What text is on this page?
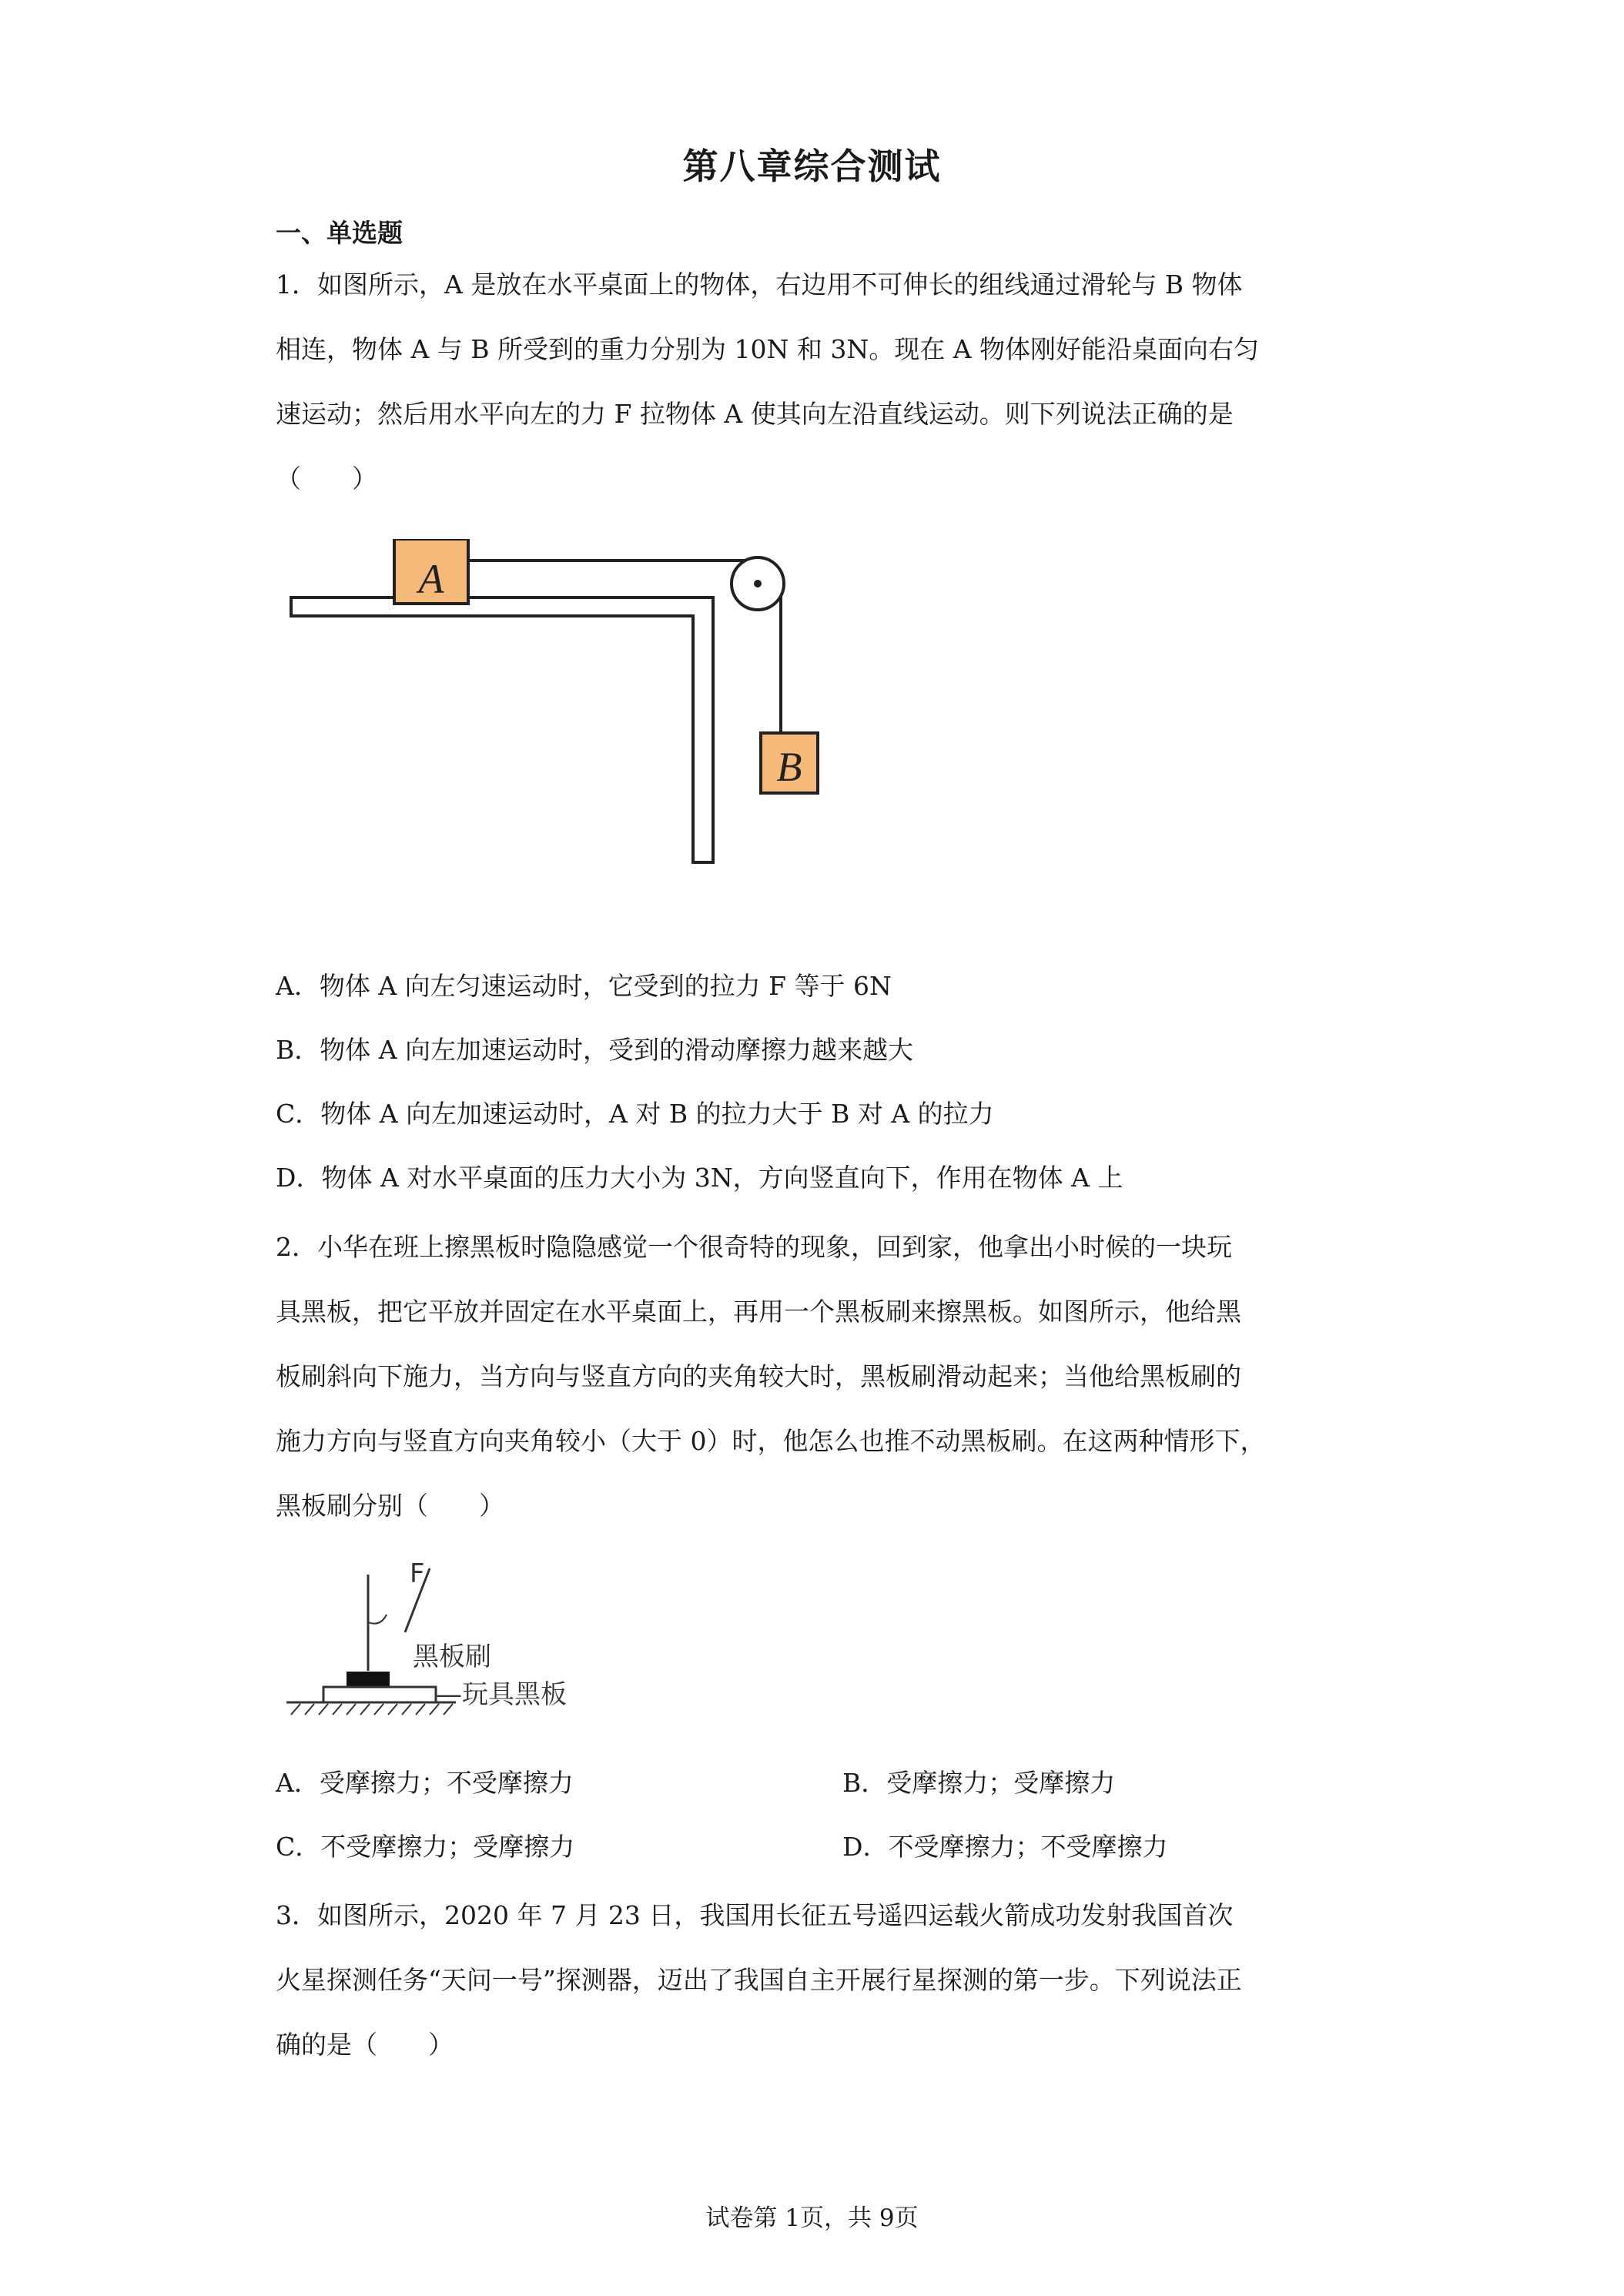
第八章综合测试
一、单选题
1．如图所示，A 是放在水平桌面上的物体，右边用不可伸长的组线通过滑轮与 B 物体
相连，物体 A 与 B 所受到的重力分别为 10N 和 3N。现在 A 物体刚好能沿桌面向右匀
速运动；然后用水平向左的力 F 拉物体 A 使其向左沿直线运动。则下列说法正确的是
（　　）
A
B
A．物体 A 向左匀速运动时，它受到的拉力 F 等于 6N
B．物体 A 向左加速运动时，受到的滑动摩擦力越来越大
C．物体 A 向左加速运动时，A 对 B 的拉力大于 B 对 A 的拉力
D．物体 A 对水平桌面的压力大小为 3N，方向竖直向下，作用在物体 A 上
2．小华在班上擦黑板时隐隐感觉一个很奇特的现象，回到家，他拿出小时候的一块玩
具黑板，把它平放并固定在水平桌面上，再用一个黑板刷来擦黑板。如图所示，他给黑
板刷斜向下施力，当方向与竖直方向的夹角较大时，黑板刷滑动起来；当他给黑板刷的
施力方向与竖直方向夹角较小（大于 0）时，他怎么也推不动黑板刷。在这两种情形下，
黑板刷分别（　　）
F
黑板刷
—玩具黑板
A．受摩擦力；不受摩擦力	B．受摩擦力；受摩擦力
C．不受摩擦力；受摩擦力	D．不受摩擦力；不受摩擦力
3．如图所示，2020 年 7 月 23 日，我国用长征五号遥四运载火箭成功发射我国首次
火星探测任务“天问一号”探测器，迈出了我国自主开展行星探测的第一步。下列说法正
确的是（　　）
试卷第 1页，共 9页
